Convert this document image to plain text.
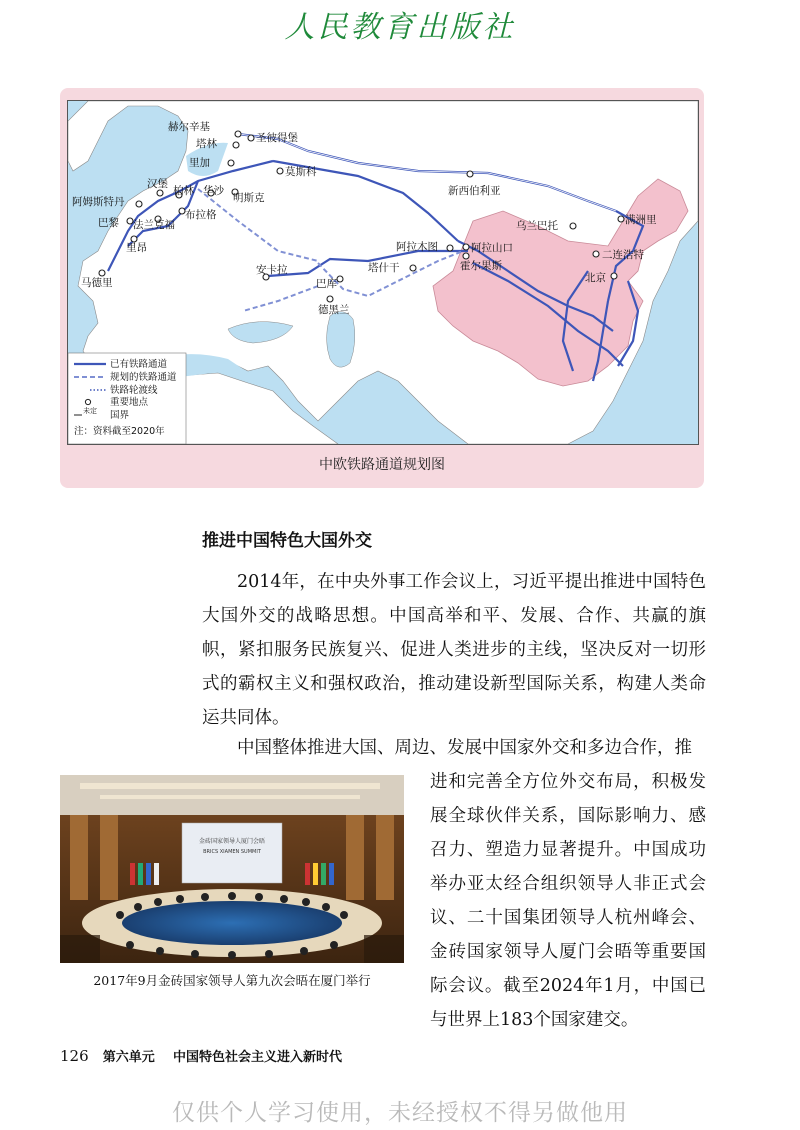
人民教育出版社
赫尔辛基
塔林	圣彼得堡
里加
莫斯科
汉堡
阿姆斯特丹
柏林 华沙
明斯克
巴黎 法兰克福
布拉格
里昂
马德里
安卡拉
巴库
德黑兰
塔什干
阿拉木图	阿拉山口
霍尔果斯
新西伯利亚
乌兰巴托	满洲里
二连浩特
北京
已有铁路通道
规划的铁路通道
铁路轮渡线
重要地点
未定 国界
注：资料截至2020年
中欧铁路通道规划图
推进中国特色大国外交
2014年，在中央外事工作会议上，习近平提出推进中国特色大国外交的战略思想。中国高举和平、发展、合作、共赢的旗帜，紧扣服务民族复兴、促进人类进步的主线，坚决反对一切形式的霸权主义和强权政治，推动建设新型国际关系，构建人类命运共同体。
中国整体推进大国、周边、发展中国家外交和多边合作，推
进和完善全方位外交布局，积极发展全球伙伴关系，国际影响力、感召力、塑造力显著提升。中国成功举办亚太经合组织领导人非正式会议、二十国集团领导人杭州峰会、金砖国家领导人厦门会晤等重要国际会议。截至2024年1月，中国已与世界上183个国家建交。
金砖国家领导人厦门会晤
BRICS XIAMEN SUMMIT
2017年9月金砖国家领导人第九次会晤在厦门举行
126 第六单元 中国特色社会主义进入新时代
仅供个人学习使用，未经授权不得另做他用
